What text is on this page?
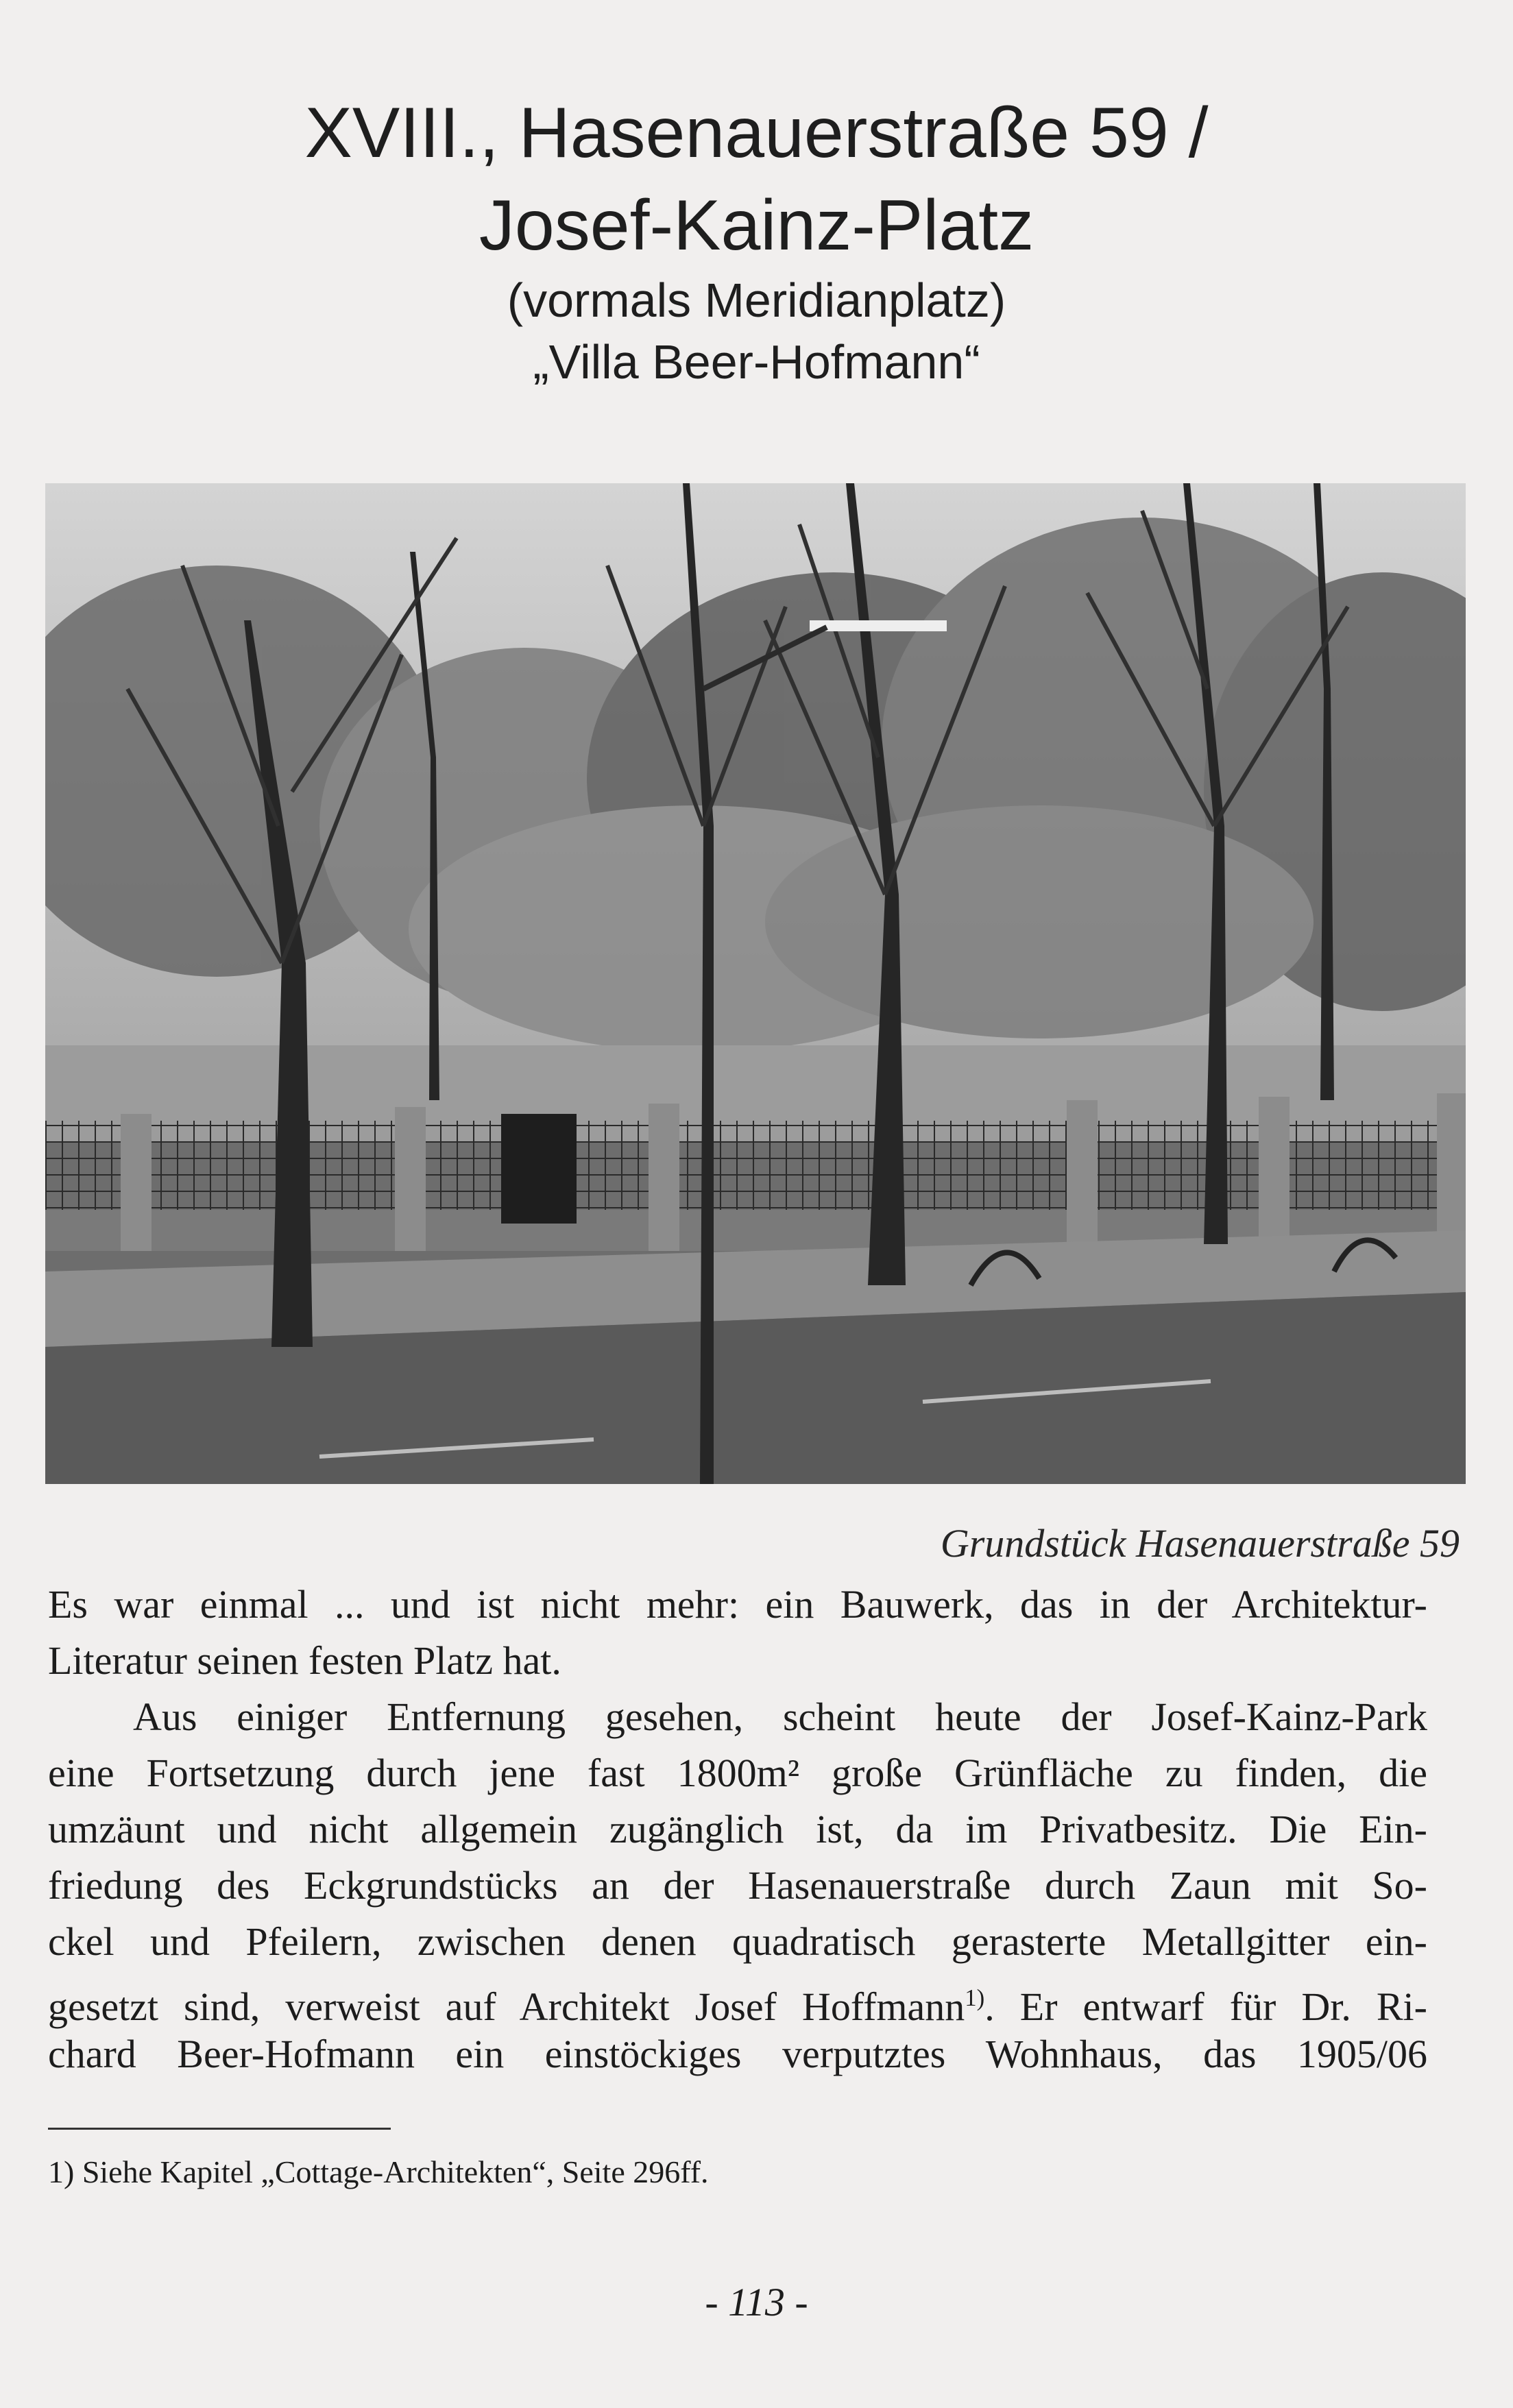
XVIII., Hasenauerstraße 59 /
Josef-Kainz-Platz
(vormals Meridianplatz)
„Villa Beer-Hofmann“
Grundstück Hasenauerstraße 59
Es war einmal ... und ist nicht mehr: ein Bauwerk, das in der Architektur-
Literatur seinen festen Platz hat.
Aus einiger Entfernung gesehen, scheint heute der Josef-Kainz-Park
eine Fortsetzung durch jene fast 1800m² große Grünfläche zu finden, die
umzäunt und nicht allgemein zugänglich ist, da im Privatbesitz. Die Ein-
friedung des Eckgrundstücks an der Hasenauerstraße durch Zaun mit So-
ckel und Pfeilern, zwischen denen quadratisch gerasterte Metallgitter ein-
gesetzt sind, verweist auf Architekt Josef Hoffmann$^{1)}$. Er entwarf für Dr. Ri-
chard Beer-Hofmann ein einstöckiges verputztes Wohnhaus, das 1905/06
1) Siehe Kapitel „Cottage-Architekten“, Seite 296ff.
- 113 -
